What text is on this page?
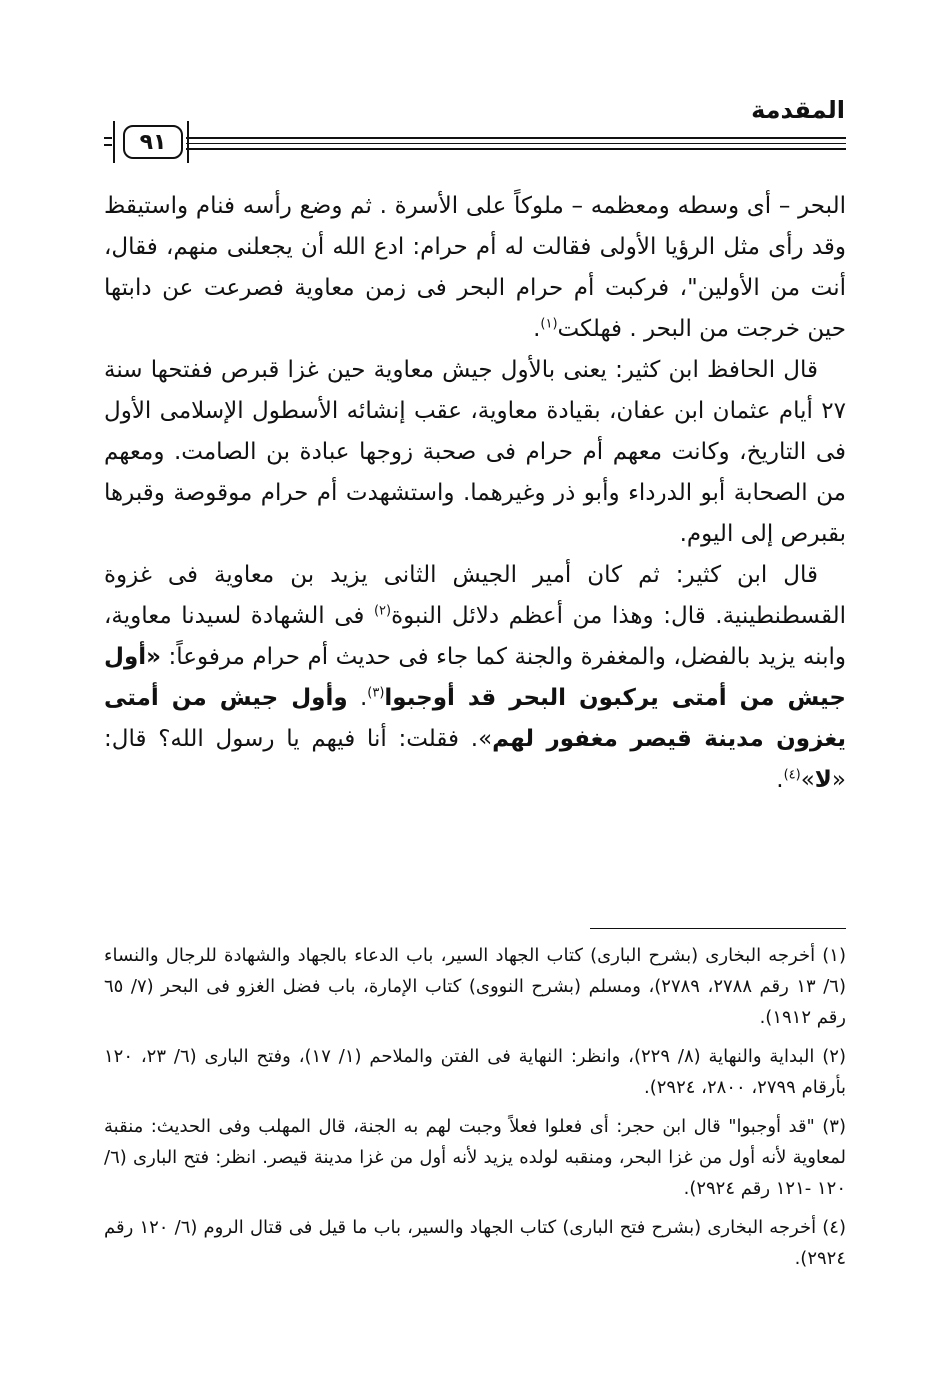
المقدمة
٩١

البحر – أى وسطه ومعظمه – ملوكاً على الأسرة . ثم وضع رأسه فنام واستيقظ وقد رأى مثل الرؤيا الأولى فقالت له أم حرام: ادع الله أن يجعلنى منهم، فقال، أنت من الأولين"، فركبت أم حرام البحر فى زمن معاوية فصرعت عن دابتها حين خرجت من البحر . فهلكت$^{(١)}$.

قال الحافظ ابن كثير: يعنى بالأول جيش معاوية حين غزا قبرص ففتحها سنة ٢٧ أيام عثمان ابن عفان، بقيادة معاوية، عقب إنشائه الأسطول الإسلامى الأول فى التاريخ، وكانت معهم أم حرام فى صحبة زوجها عبادة بن الصامت. ومعهم من الصحابة أبو الدرداء وأبو ذر وغيرهما. واستشهدت أم حرام موقوصة وقبرها بقبرص إلى اليوم.

قال ابن كثير: ثم كان أمير الجيش الثانى يزيد بن معاوية فى غزوة القسطنطينية. قال: وهذا من أعظم دلائل النبوة$^{(٢)}$ فى الشهادة لسيدنا معاوية، وابنه يزيد بالفضل، والمغفرة والجنة كما جاء فى حديث أم حرام مرفوعاً: «أول جيش من أمتى يركبون البحر قد أوجبوا$^{(٣)}$. وأول جيش من أمتى يغزون مدينة قيصر مغفور لهم». فقلت: أنا فيهم يا رسول الله؟ قال: «لا»$^{(٤)}$.

(١) أخرجه البخارى (بشرح البارى) كتاب الجهاد السير، باب الدعاء بالجهاد والشهادة للرجال والنساء (٦/ ١٣ رقم ٢٧٨٨، ٢٧٨٩)، ومسلم (بشرح النووى) كتاب الإمارة، باب فضل الغزو فى البحر (٧/ ٦٥ رقم ١٩١٢).

(٢) البداية والنهاية (٨/ ٢٢٩)، وانظر: النهاية فى الفتن والملاحم (١/ ١٧)، وفتح البارى (٦/ ٢٣، ١٢٠ بأرقام ٢٧٩٩، ٢٨٠٠، ٢٩٢٤).

(٣) "قد أوجبوا" قال ابن حجر: أى فعلوا فعلاً وجبت لهم به الجنة، قال المهلب وفى الحديث: منقبة لمعاوية لأنه أول من غزا البحر، ومنقبه لولده يزيد لأنه أول من غزا مدينة قيصر. انظر: فتح البارى (٦/ ١٢٠ -١٢١ رقم ٢٩٢٤).

(٤) أخرجه البخارى (بشرح فتح البارى) كتاب الجهاد والسير، باب ما قيل فى قتال الروم (٦/ ١٢٠ رقم ٢٩٢٤).
